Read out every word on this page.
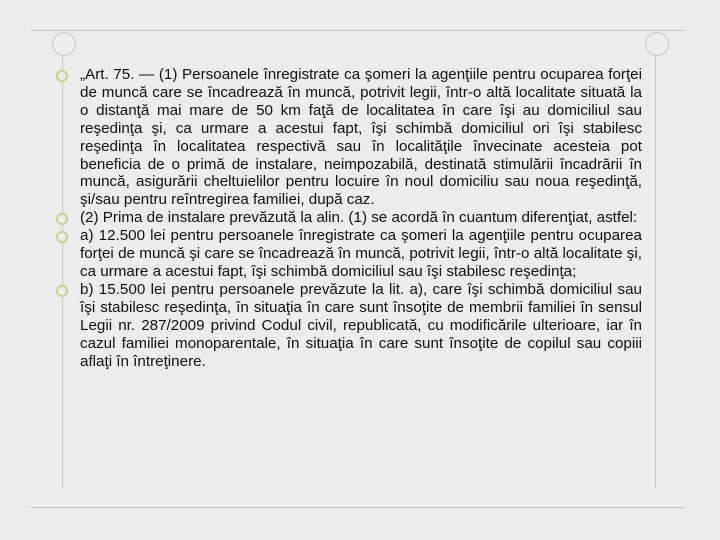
„Art. 75. — (1) Persoanele înregistrate ca şomeri la agenţiile pentru ocuparea forţei de muncă care se încadrează în muncă, potrivit legii, într-o altă localitate situată la o distanţă mai mare de 50 km faţă de localitatea în care îşi au domiciliul sau reşedinţa şi, ca urmare a acestui fapt, îşi schimbă domiciliul ori îşi stabilesc reşedinţa în localitatea respectivă sau în localităţile învecinate acesteia pot beneficia de o primă de instalare, neimpozabilă, destinată stimulării încadrării în muncă, asigurării cheltuielilor pentru locuire în noul domiciliu sau noua reşedinţă, şi/sau pentru reîntregirea familiei, după caz.

(2) Prima de instalare prevăzută la alin. (1) se acordă în cuantum diferenţiat, astfel:

a) 12.500 lei pentru persoanele înregistrate ca şomeri la agenţiile pentru ocuparea forţei de muncă şi care se încadrează în muncă, potrivit legii, într-o altă localitate şi, ca urmare a acestui fapt, îşi schimbă domiciliul sau îşi stabilesc reşedinţa;

b) 15.500 lei pentru persoanele prevăzute la lit. a), care îşi schimbă domiciliul sau îşi stabilesc reşedinţa, în situaţia în care sunt însoţite de membrii familiei în sensul Legii nr. 287/2009 privind Codul civil, republicată, cu modificările ulterioare, iar în cazul familiei monoparentale, în situaţia în care sunt însoţite de copilul sau copiii aflaţi în întreţinere.
